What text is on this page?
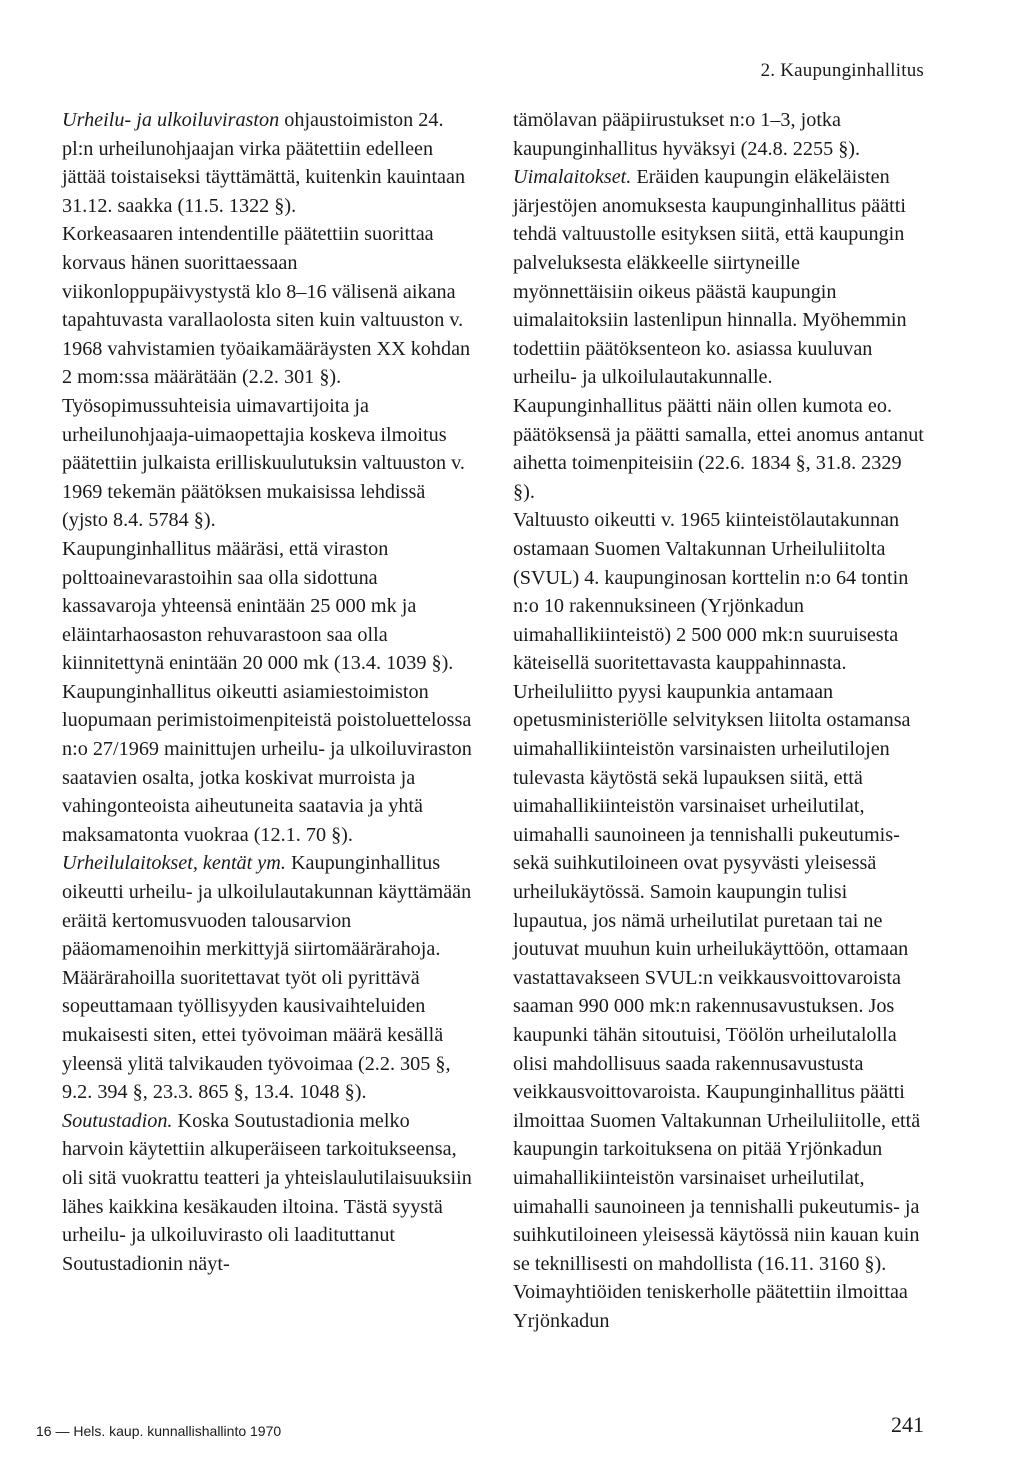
2. Kaupunginhallitus

Urheilu- ja ulkoiluviraston ohjaustoimiston 24. pl:n urheilunohjaajan virka päätettiin edelleen jättää toistaiseksi täyttämättä, kuitenkin kauintaan 31.12. saakka (11.5. 1322 §).

Korkeasaaren intendentille päätettiin suorittaa korvaus hänen suorittaessaan viikonloppupäivystystä klo 8–16 välisenä aikana tapahtuvasta varallaolosta siten kuin valtuuston v. 1968 vahvistamien työaikamääräysten XX kohdan 2 mom:ssa määrätään (2.2. 301 §).

Työsopimussuhteisia uimavartijoita ja urheilunohjaaja-uimaopettajia koskeva ilmoitus päätettiin julkaista erilliskuulutuksin valtuuston v. 1969 tekemän päätöksen mukaisissa lehdissä (yjsto 8.4. 5784 §).

Kaupunginhallitus määräsi, että viraston polttoainevarastoihin saa olla sidottuna kassavaroja yhteensä enintään 25 000 mk ja eläintarhaosaston rehuvarastoon saa olla kiinnitettynä enintään 20 000 mk (13.4. 1039 §).

Kaupunginhallitus oikeutti asiamiestoimiston luopumaan perimistoimenpiteistä poistoluettelossa n:o 27/1969 mainittujen urheilu- ja ulkoiluviraston saatavien osalta, jotka koskivat murroista ja vahingonteoista aiheutuneita saatavia ja yhtä maksamatonta vuokraa (12.1. 70 §).

Urheilulaitokset, kentät ym. Kaupunginhallitus oikeutti urheilu- ja ulkoilulautakunnan käyttämään eräitä kertomusvuoden talousarvion pääomamenoihin merkittyjä siirtomäärärahoja. Määrärahoilla suoritettavat työt oli pyrittävä sopeuttamaan työllisyyden kausivaihteluiden mukaisesti siten, ettei työvoiman määrä kesällä yleensä ylitä talvikauden työvoimaa (2.2. 305 §, 9.2. 394 §, 23.3. 865 §, 13.4. 1048 §).

Soutustadion. Koska Soutustadionia melko harvoin käytettiin alkuperäiseen tarkoitukseensa, oli sitä vuokrattu teatteri ja yhteislaulutilaisuuksiin lähes kaikkina kesäkauden iltoina. Tästä syystä urheilu- ja ulkoiluvirasto oli laadituttanut Soutustadionin näyt-

tämölavan pääpiirustukset n:o 1–3, jotka kaupunginhallitus hyväksyi (24.8. 2255 §).

Uimalaitokset. Eräiden kaupungin eläkeläisten järjestöjen anomuksesta kaupunginhallitus päätti tehdä valtuustolle esityksen siitä, että kaupungin palveluksesta eläkkeelle siirtyneille myönnettäisiin oikeus päästä kaupungin uimalaitoksiin lastenlipun hinnalla. Myöhemmin todettiin päätöksenteon ko. asiassa kuuluvan urheilu- ja ulkoilulautakunnalle. Kaupunginhallitus päätti näin ollen kumota eo. päätöksensä ja päätti samalla, ettei anomus antanut aihetta toimenpiteisiin (22.6. 1834 §, 31.8. 2329 §).

Valtuusto oikeutti v. 1965 kiinteistölautakunnan ostamaan Suomen Valtakunnan Urheiluliitolta (SVUL) 4. kaupunginosan korttelin n:o 64 tontin n:o 10 rakennuksineen (Yrjönkadun uimahallikiinteistö) 2 500 000 mk:n suuruisesta käteisellä suoritettavasta kauppahinnasta. Urheiluliitto pyysi kaupunkia antamaan opetusministeriölle selvityksen liitolta ostamansa uimahallikiinteistön varsinaisten urheilutilojen tulevasta käytöstä sekä lupauksen siitä, että uimahallikiinteistön varsinaiset urheilutilat, uimahalli saunoineen ja tennishalli pukeutumis- sekä suihkutiloineen ovat pysyvästi yleisessä urheilukäytössä. Samoin kaupungin tulisi lupautua, jos nämä urheilutilat puretaan tai ne joutuvat muuhun kuin urheilukäyttöön, ottamaan vastattavakseen SVUL:n veikkausvoittovaroista saaman 990 000 mk:n rakennusavustuksen. Jos kaupunki tähän sitoutuisi, Töölön urheilutalolla olisi mahdollisuus saada rakennusavustusta veikkausvoittovaroista. Kaupunginhallitus päätti ilmoittaa Suomen Valtakunnan Urheiluliitolle, että kaupungin tarkoituksena on pitää Yrjönkadun uimahallikiinteistön varsinaiset urheilutilat, uimahalli saunoineen ja tennishalli pukeutumis- ja suihkutiloineen yleisessä käytössä niin kauan kuin se teknillisesti on mahdollista (16.11. 3160 §). Voimayhtiöiden teniskerholle päätettiin ilmoittaa Yrjönkadun

16 — Hels. kaup. kunnallishallinto 1970	241
